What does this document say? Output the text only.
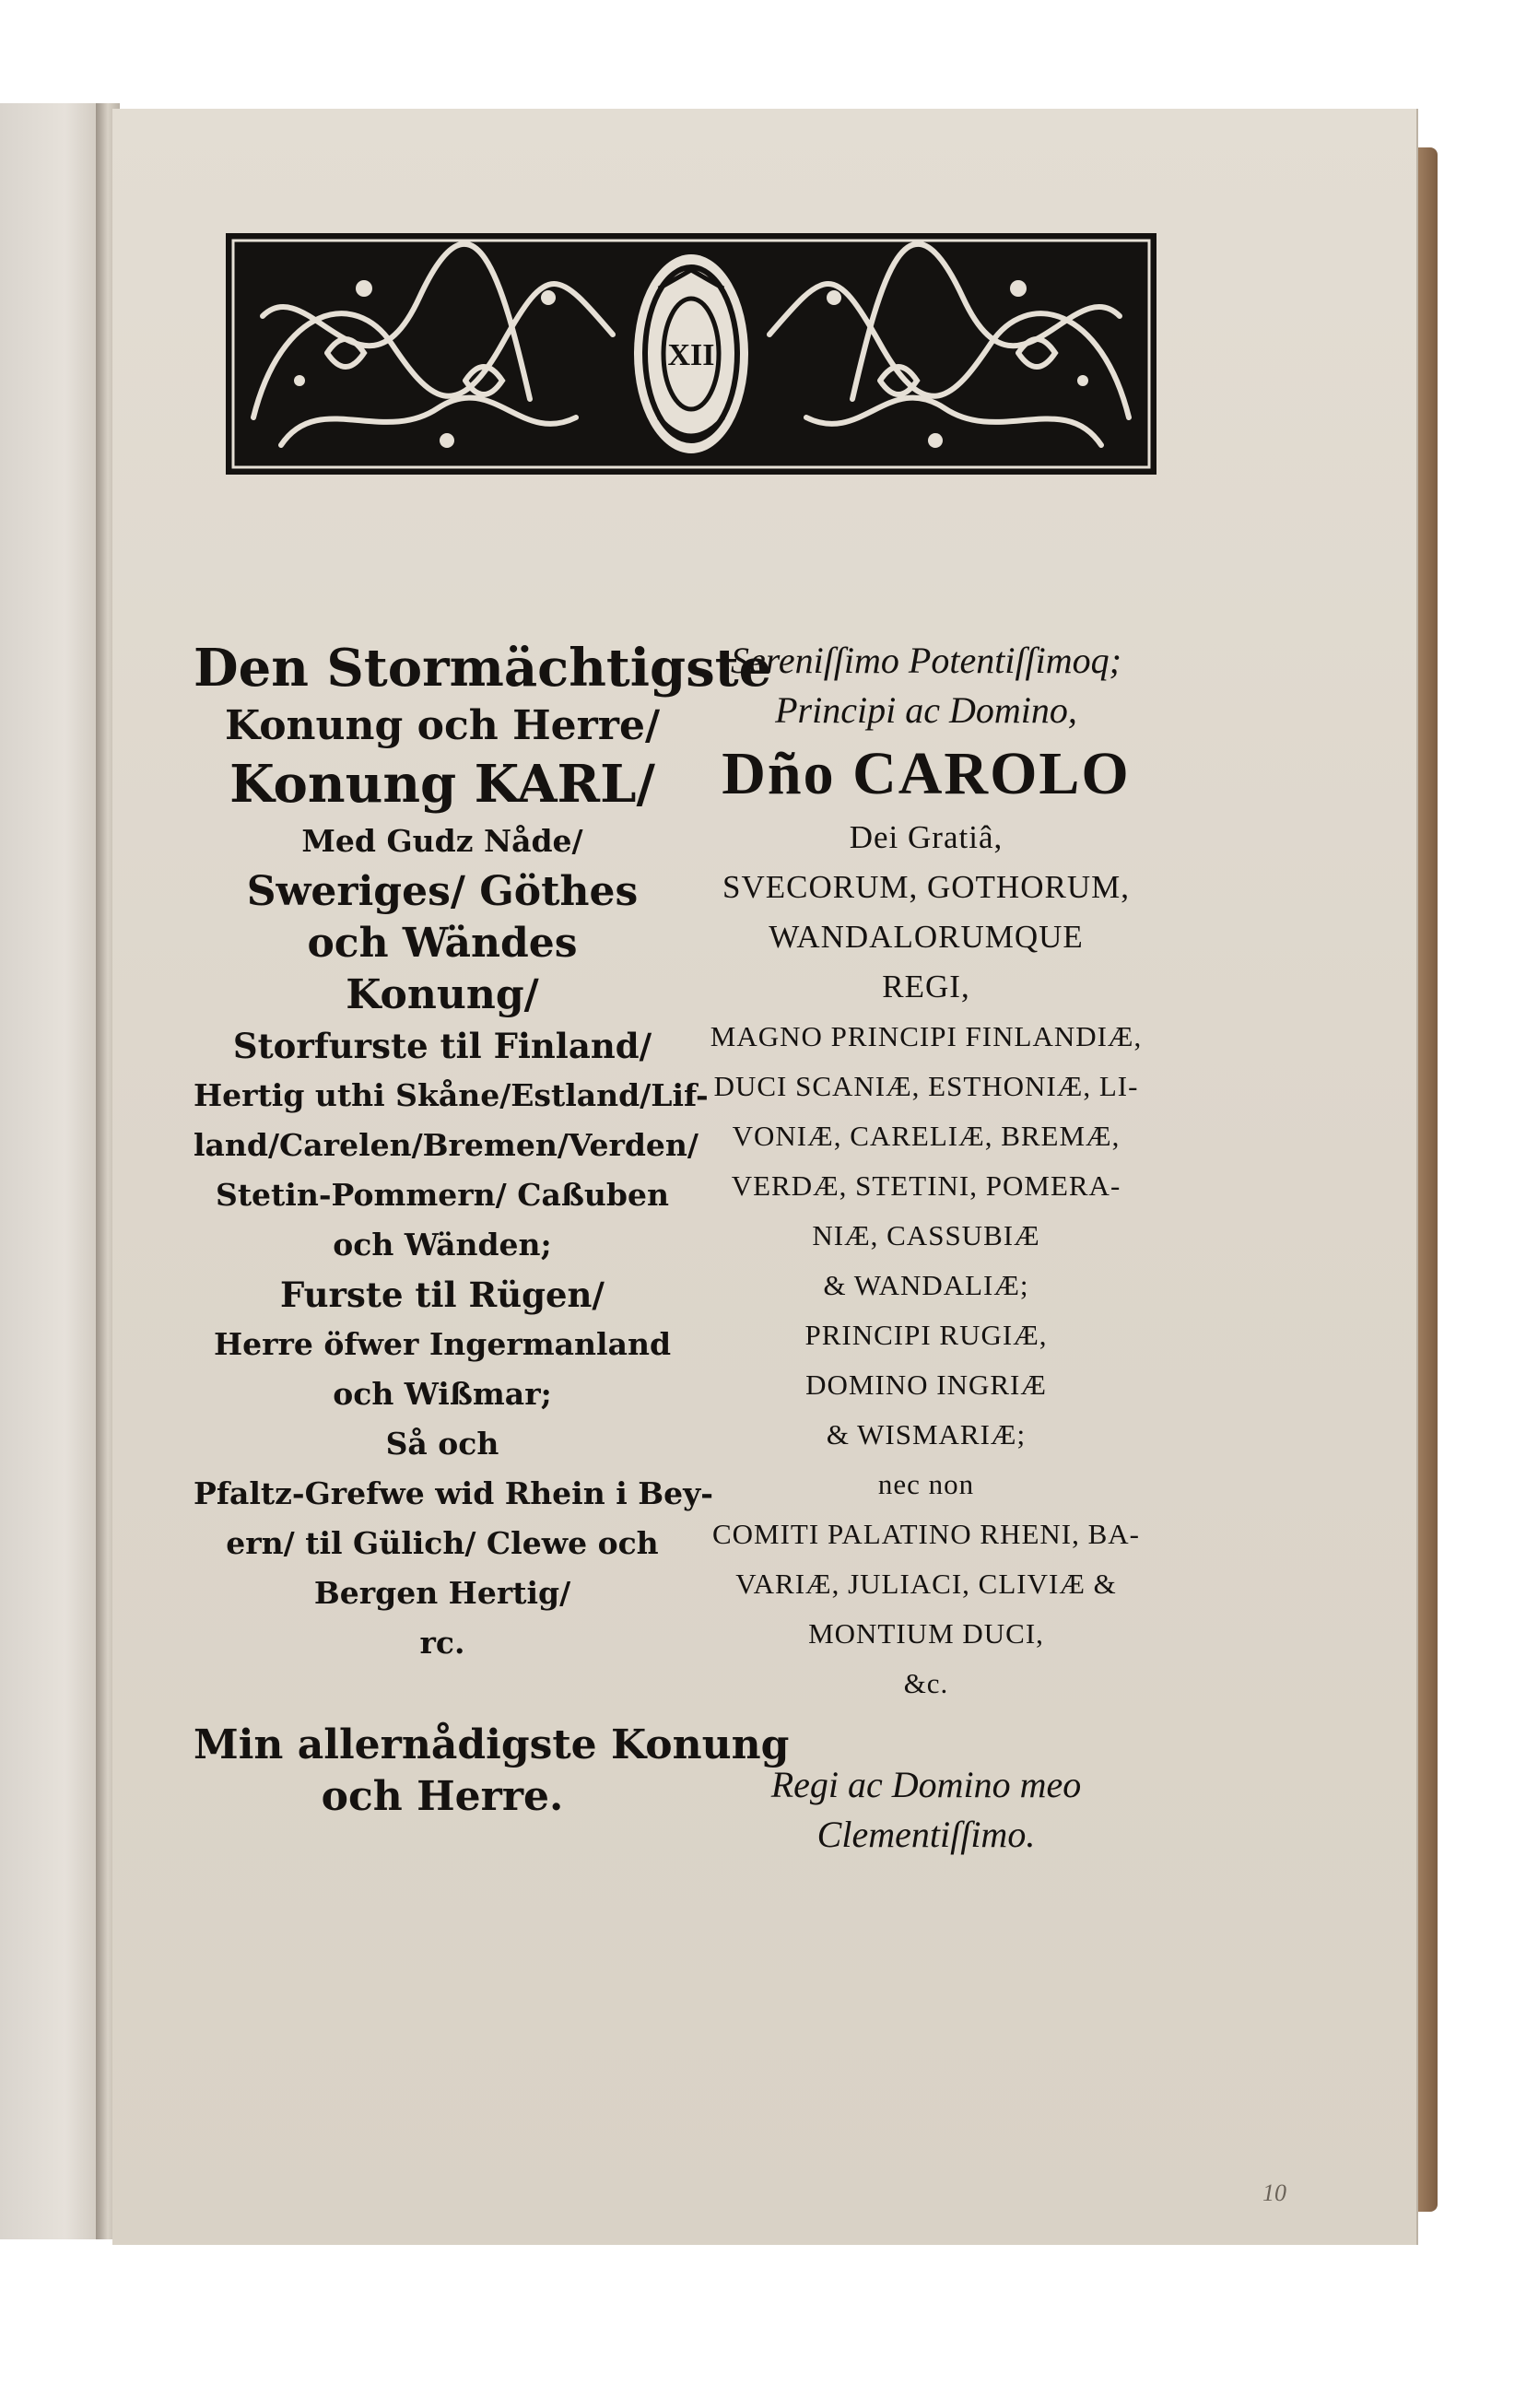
XII
Den Stormächtigste
Konung och Herre/
Konung KARL/
Med Gudz Nåde/
Sweriges/ Göthes
och Wändes
Konung/
Storfurste til Finland/
Hertig uthi Skåne/Estland/Lif-
land/Carelen/Bremen/Verden/
Stetin-Pommern/ Caßuben
och Wänden;
Furste til Rügen/
Herre öfwer Ingermanland
och Wißmar;
Så och
Pfaltz-Grefwe wid Rhein i Bey-
ern/ til Gülich/ Clewe och
Bergen Hertig/
rc.
Min allernådigste Konung
och Herre.
Sereniſſimo Potentiſſimoq;
Principi ac Domino,
Dño CAROLO
Dei Gratiâ,
SVECORUM, GOTHORUM,
WANDALORUMQUE
REGI,
MAGNO PRINCIPI FINLANDIÆ,
DUCI SCANIÆ, ESTHONIÆ, LI-
VONIÆ, CARELIÆ, BREMÆ,
VERDÆ, STETINI, POMERA-
NIÆ, CASSUBIÆ
& WANDALIÆ;
PRINCIPI RUGIÆ,
DOMINO INGRIÆ
& WISMARIÆ;
nec non
COMITI PALATINO RHENI, BA-
VARIÆ, JULIACI, CLIVIÆ &
MONTIUM DUCI,
&c.
Regi ac Domino meo
Clementiſſimo.
10
